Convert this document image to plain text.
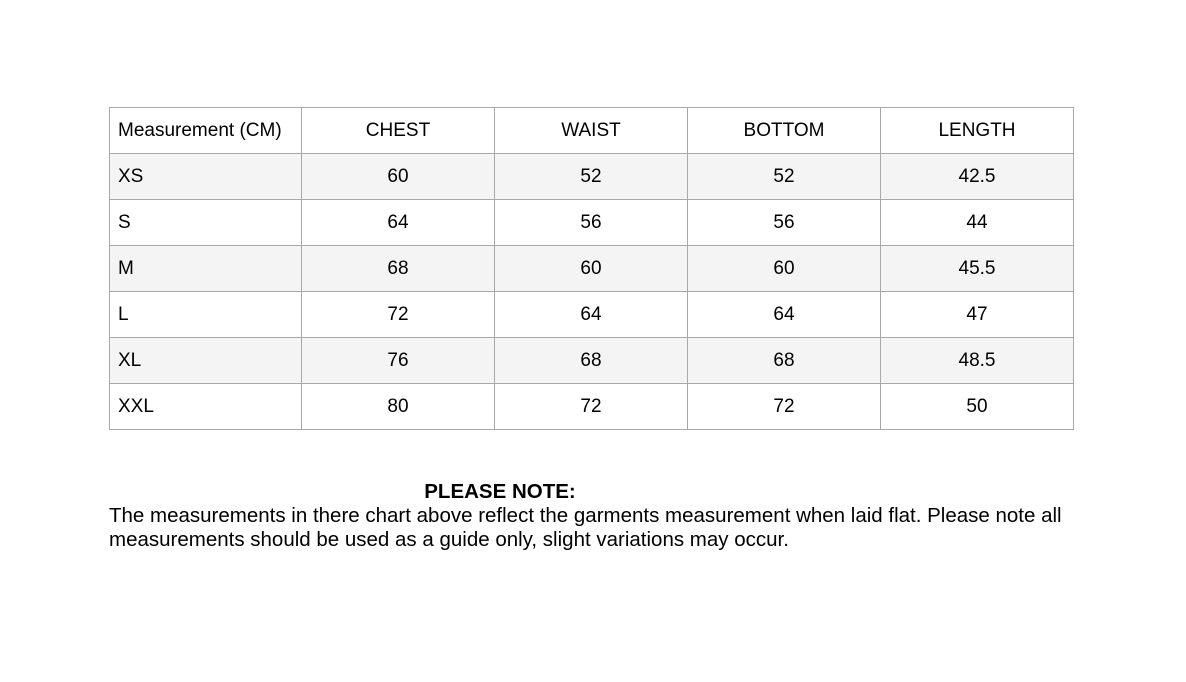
Measurement (CM)	CHEST	WAIST	BOTTOM	LENGTH
XS	60	52	52	42.5
S	64	56	56	44
M	68	60	60	45.5
L	72	64	64	47
XL	76	68	68	48.5
XXL	80	72	72	50
PLEASE NOTE:
The measurements in there chart above reflect the garments measurement when laid flat. Please note all measurements should be used as a guide only, slight variations may occur.
